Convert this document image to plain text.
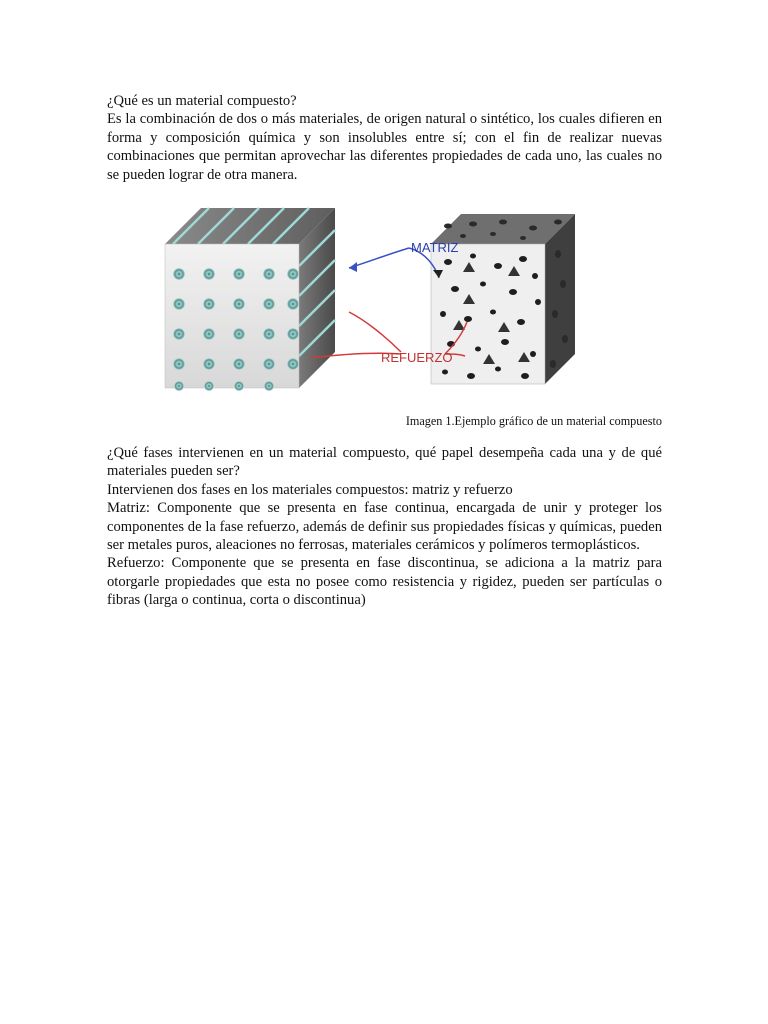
¿Qué es un material compuesto?

Es la combinación de dos o más materiales, de origen natural o sintético, los cuales difieren en forma y composición química y son insolubles entre sí; con el fin de realizar nuevas combinaciones que permitan aprovechar las diferentes propiedades de cada uno, las cuales no se pueden lograr de otra manera.

MATRIZ
REFUERZO
Imagen 1.Ejemplo gráfico de un material compuesto

¿Qué fases intervienen en un material compuesto, qué papel desempeña cada una y de qué materiales pueden ser?

Intervienen dos fases en los materiales compuestos: matriz y refuerzo

Matriz: Componente que se presenta en fase continua, encargada de unir y proteger los componentes de la fase refuerzo, además de definir sus propiedades físicas y químicas, pueden ser metales puros, aleaciones no ferrosas, materiales cerámicos y polímeros termoplásticos.

Refuerzo: Componente que se presenta en fase discontinua, se adiciona a la matriz para otorgarle propiedades que esta no posee como resistencia y rigidez, pueden ser partículas o fibras (larga o continua, corta o discontinua)
